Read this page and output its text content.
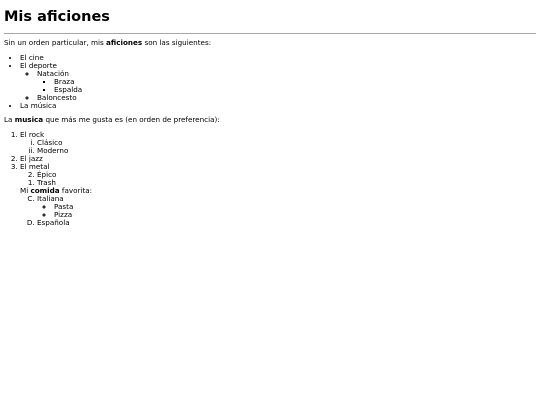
Mis aficiones

Sin un orden particular, mis aficiones son las siguientes:

• El cine
• El deporte
◦ Natación
▪ Braza
▪ Espalda
◦ Baloncesto
• La música

La musica que más me gusta es (en orden de preferencia):

1. El rock
i. Clásico
ii. Moderno
2. El jazz
3. El metal
2. Épico
1. Trash
Mi comida favorita:
C. Italiana
◦ Pasta
◦ Pizza
D. Española
